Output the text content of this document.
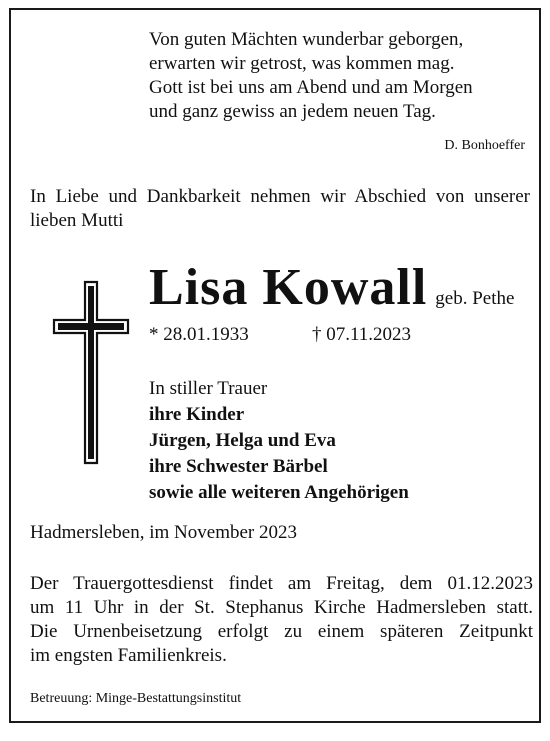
Von guten Mächten wunderbar geborgen,
erwarten wir getrost, was kommen mag.
Gott ist bei uns am Abend und am Morgen
und ganz gewiss an jedem neuen Tag.
D. Bonhoeffer
In Liebe und Dankbarkeit nehmen wir Abschied von unserer lieben Mutti
Lisa Kowall geb. Pethe
* 28.01.1933	† 07.11.2023
In stiller Trauer
ihre Kinder
Jürgen, Helga und Eva
ihre Schwester Bärbel
sowie alle weiteren Angehörigen
Hadmersleben, im November 2023
Der Trauergottesdienst findet am Freitag, dem 01.12.2023
um 11 Uhr in der St. Stephanus Kirche Hadmersleben statt.
Die Urnenbeisetzung erfolgt zu einem späteren Zeitpunkt
im engsten Familienkreis.
Betreuung: Minge-Bestattungsinstitut
